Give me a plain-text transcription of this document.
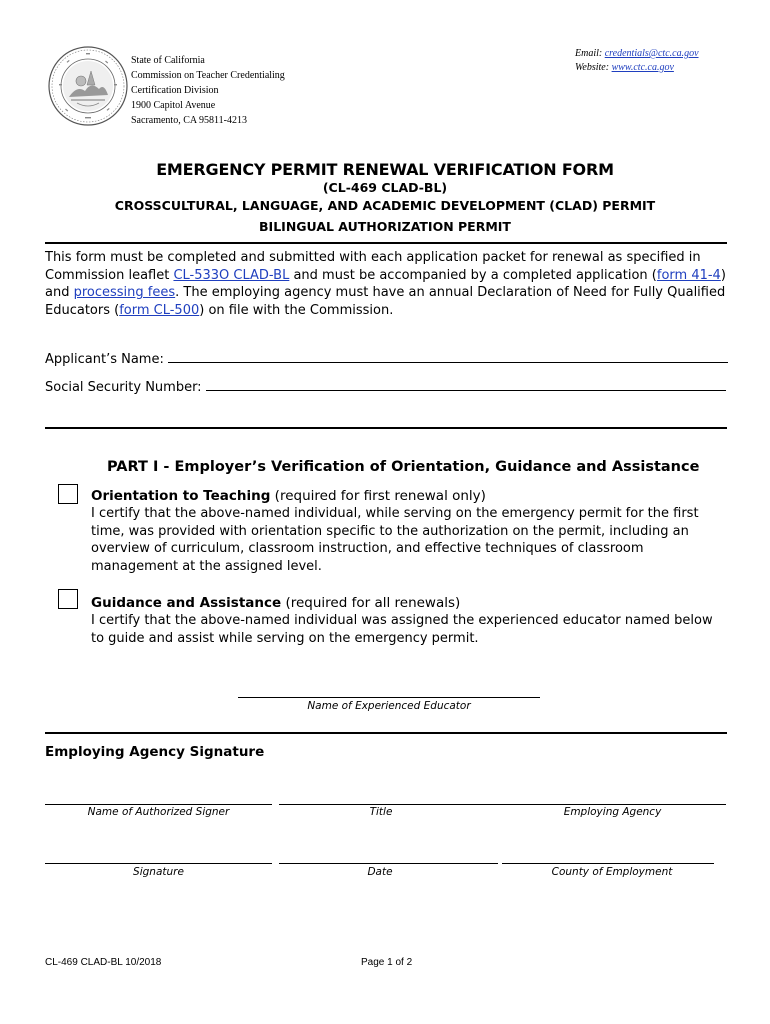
State of California
Commission on Teacher Credentialing
Certification Division
1900 Capitol Avenue
Sacramento, CA 95811-4213
Email: credentials@ctc.ca.gov
Website: www.ctc.ca.gov
EMERGENCY PERMIT RENEWAL VERIFICATION FORM
(CL-469 CLAD-BL)
CROSSCULTURAL, LANGUAGE, AND ACADEMIC DEVELOPMENT (CLAD) PERMIT
BILINGUAL AUTHORIZATION PERMIT
This form must be completed and submitted with each application packet for renewal as specified in Commission leaflet CL-533O CLAD-BL and must be accompanied by a completed application (form 41-4) and processing fees. The employing agency must have an annual Declaration of Need for Fully Qualified Educators (form CL-500) on file with the Commission.
Applicant’s Name:
Social Security Number:
PART I - Employer’s Verification of Orientation, Guidance and Assistance
Orientation to Teaching (required for first renewal only)
I certify that the above-named individual, while serving on the emergency permit for the first time, was provided with orientation specific to the authorization on the permit, including an overview of curriculum, classroom instruction, and effective techniques of classroom management at the assigned level.
Guidance and Assistance (required for all renewals)
I certify that the above-named individual was assigned the experienced educator named below to guide and assist while serving on the emergency permit.
Name of Experienced Educator
Employing Agency Signature
Name of Authorized Signer	Title	Employing Agency
Signature	Date	County of Employment
CL-469 CLAD-BL 10/2018	Page 1 of 2
